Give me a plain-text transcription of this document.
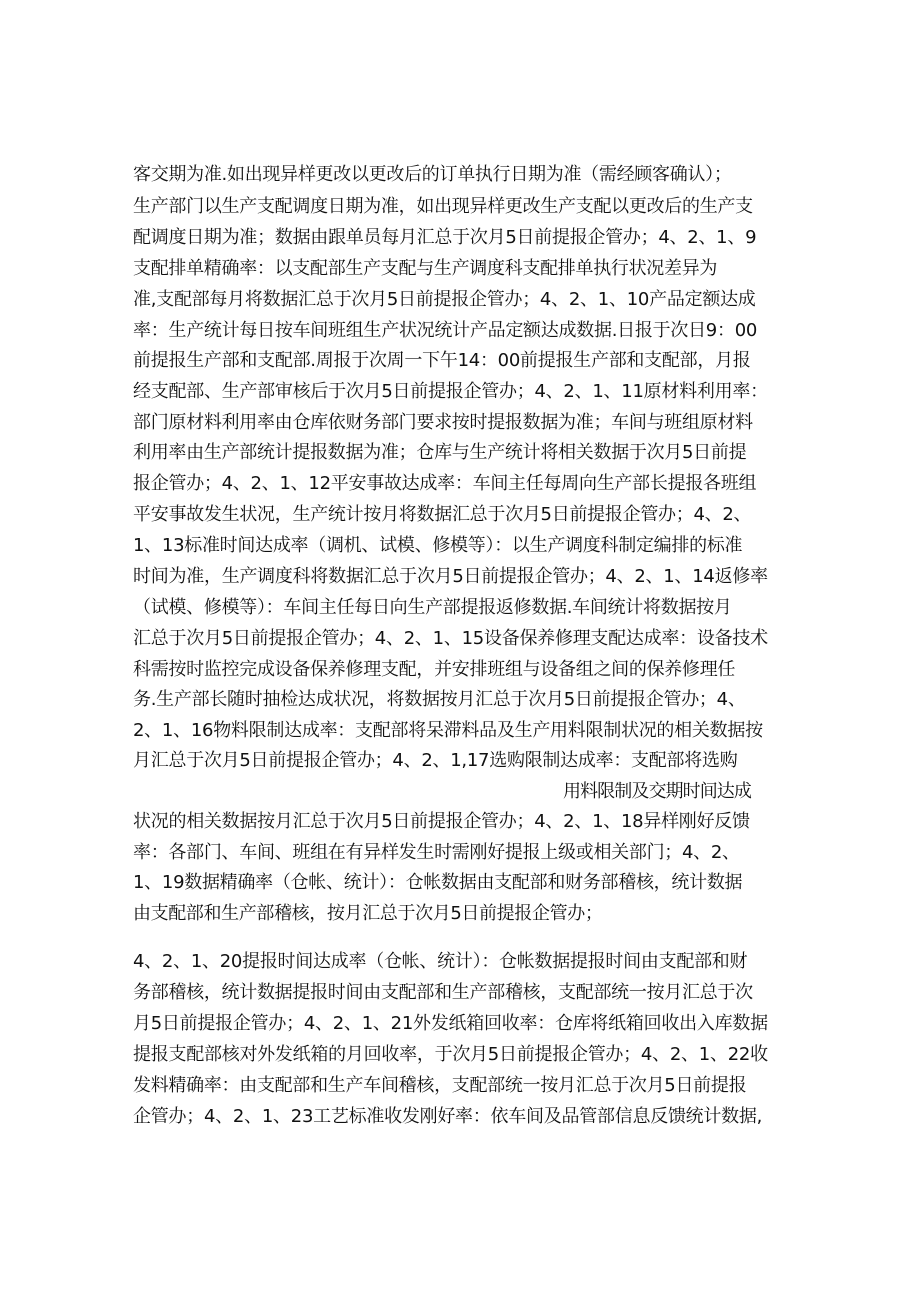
客交期为准.如出现异样更改以更改后的订单执行日期为准（需经顾客确认）；
生产部门以生产支配调度日期为准，如出现异样更改生产支配以更改后的生产支
配调度日期为准；数据由跟单员每月汇总于次月5日前提报企管办；4、2、1、9
支配排单精确率：以支配部生产支配与生产调度科支配排单执行状况差异为
准,支配部每月将数据汇总于次月5日前提报企管办；4、2、1、10产品定额达成
率：生产统计每日按车间班组生产状况统计产品定额达成数据.日报于次日9：00
前提报生产部和支配部.周报于次周一下午14：00前提报生产部和支配部，月报
经支配部、生产部审核后于次月5日前提报企管办；4、2、1、11原材料利用率：
部门原材料利用率由仓库依财务部门要求按时提报数据为准；车间与班组原材料
利用率由生产部统计提报数据为准；仓库与生产统计将相关数据于次月5日前提
报企管办；4、2、1、12平安事故达成率：车间主任每周向生产部长提报各班组
平安事故发生状况，生产统计按月将数据汇总于次月5日前提报企管办；4、2、
1、13标准时间达成率（调机、试模、修模等）：以生产调度科制定编排的标准
时间为准，生产调度科将数据汇总于次月5日前提报企管办；4、2、1、14返修率
（试模、修模等）：车间主任每日向生产部提报返修数据.车间统计将数据按月
汇总于次月5日前提报企管办；4、2、1、15设备保养修理支配达成率：设备技术
科需按时监控完成设备保养修理支配，并安排班组与设备组之间的保养修理任
务.生产部长随时抽检达成状况，将数据按月汇总于次月5日前提报企管办；4、
2、1、16物料限制达成率：支配部将呆滞料品及生产用料限制状况的相关数据按
月汇总于次月5日前提报企管办；4、2、1,17选购限制达成率：支配部将选购
用料限制及交期时间达成
状况的相关数据按月汇总于次月5日前提报企管办；4、2、1、18异样刚好反馈
率：各部门、车间、班组在有异样发生时需刚好提报上级或相关部门；4、2、
1、19数据精确率（仓帐、统计）：仓帐数据由支配部和财务部稽核，统计数据
由支配部和生产部稽核，按月汇总于次月5日前提报企管办；
4、2、1、20提报时间达成率（仓帐、统计）：仓帐数据提报时间由支配部和财
务部稽核，统计数据提报时间由支配部和生产部稽核，支配部统一按月汇总于次
月5日前提报企管办；4、2、1、21外发纸箱回收率：仓库将纸箱回收出入库数据
提报支配部核对外发纸箱的月回收率，于次月5日前提报企管办；4、2、1、22收
发料精确率：由支配部和生产车间稽核，支配部统一按月汇总于次月5日前提报
企管办；4、2、1、23工艺标准收发刚好率：依车间及品管部信息反馈统计数据,
